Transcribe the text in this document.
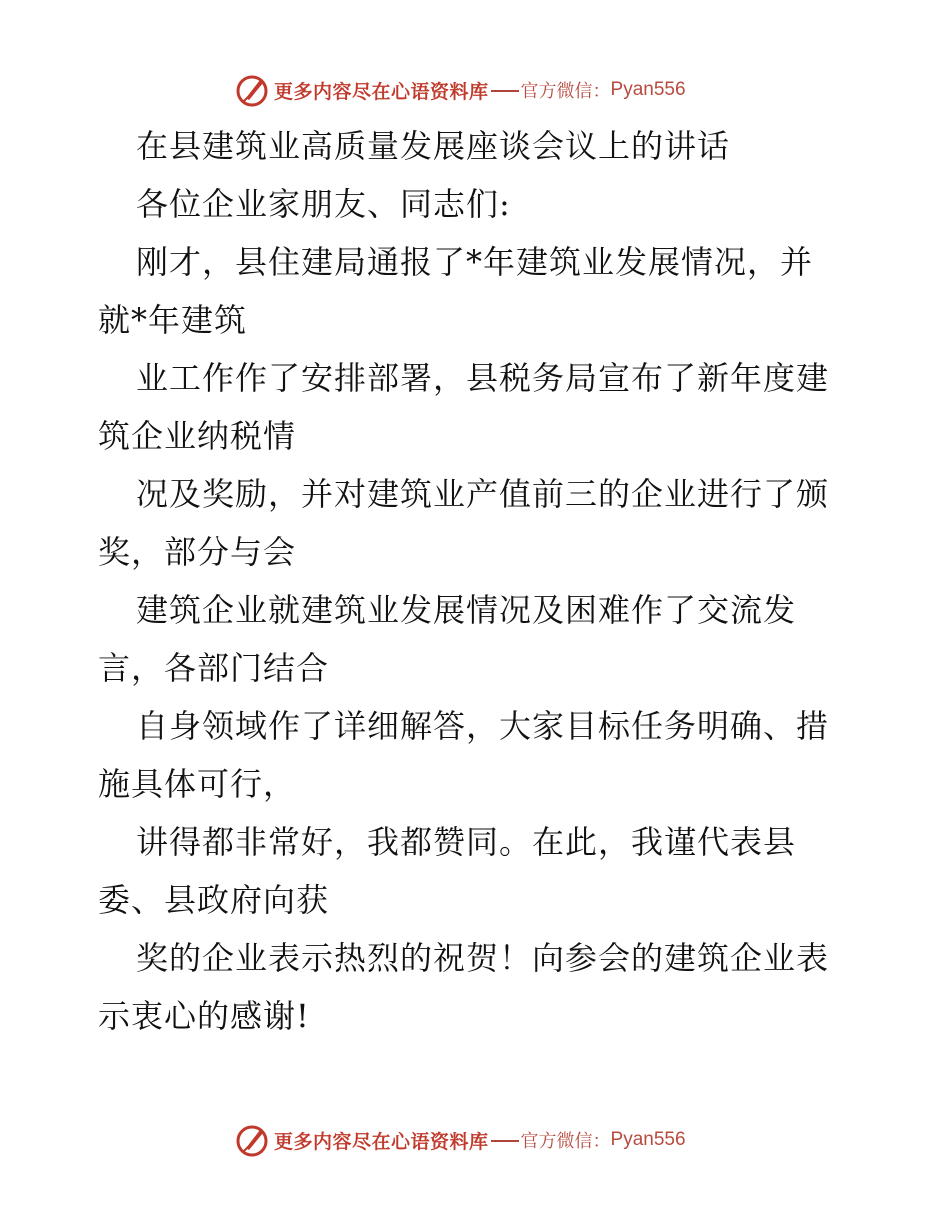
更多内容尽在心语资料库 官方微信： Pyan556
在县建筑业高质量发展座谈会议上的讲话
各位企业家朋友、同志们:
刚才，县住建局通报了*年建筑业发展情况，并
就*年建筑
业工作作了安排部署，县税务局宣布了新年度建
筑企业纳税情
况及奖励，并对建筑业产值前三的企业进行了颁
奖，部分与会
建筑企业就建筑业发展情况及困难作了交流发
言，各部门结合
自身领域作了详细解答，大家目标任务明确、措
施具体可行，
讲得都非常好，我都赞同。在此，我谨代表县
委、县政府向获
奖的企业表示热烈的祝贺！向参会的建筑企业表
示衷心的感谢!
更多内容尽在心语资料库 官方微信： Pyan556
